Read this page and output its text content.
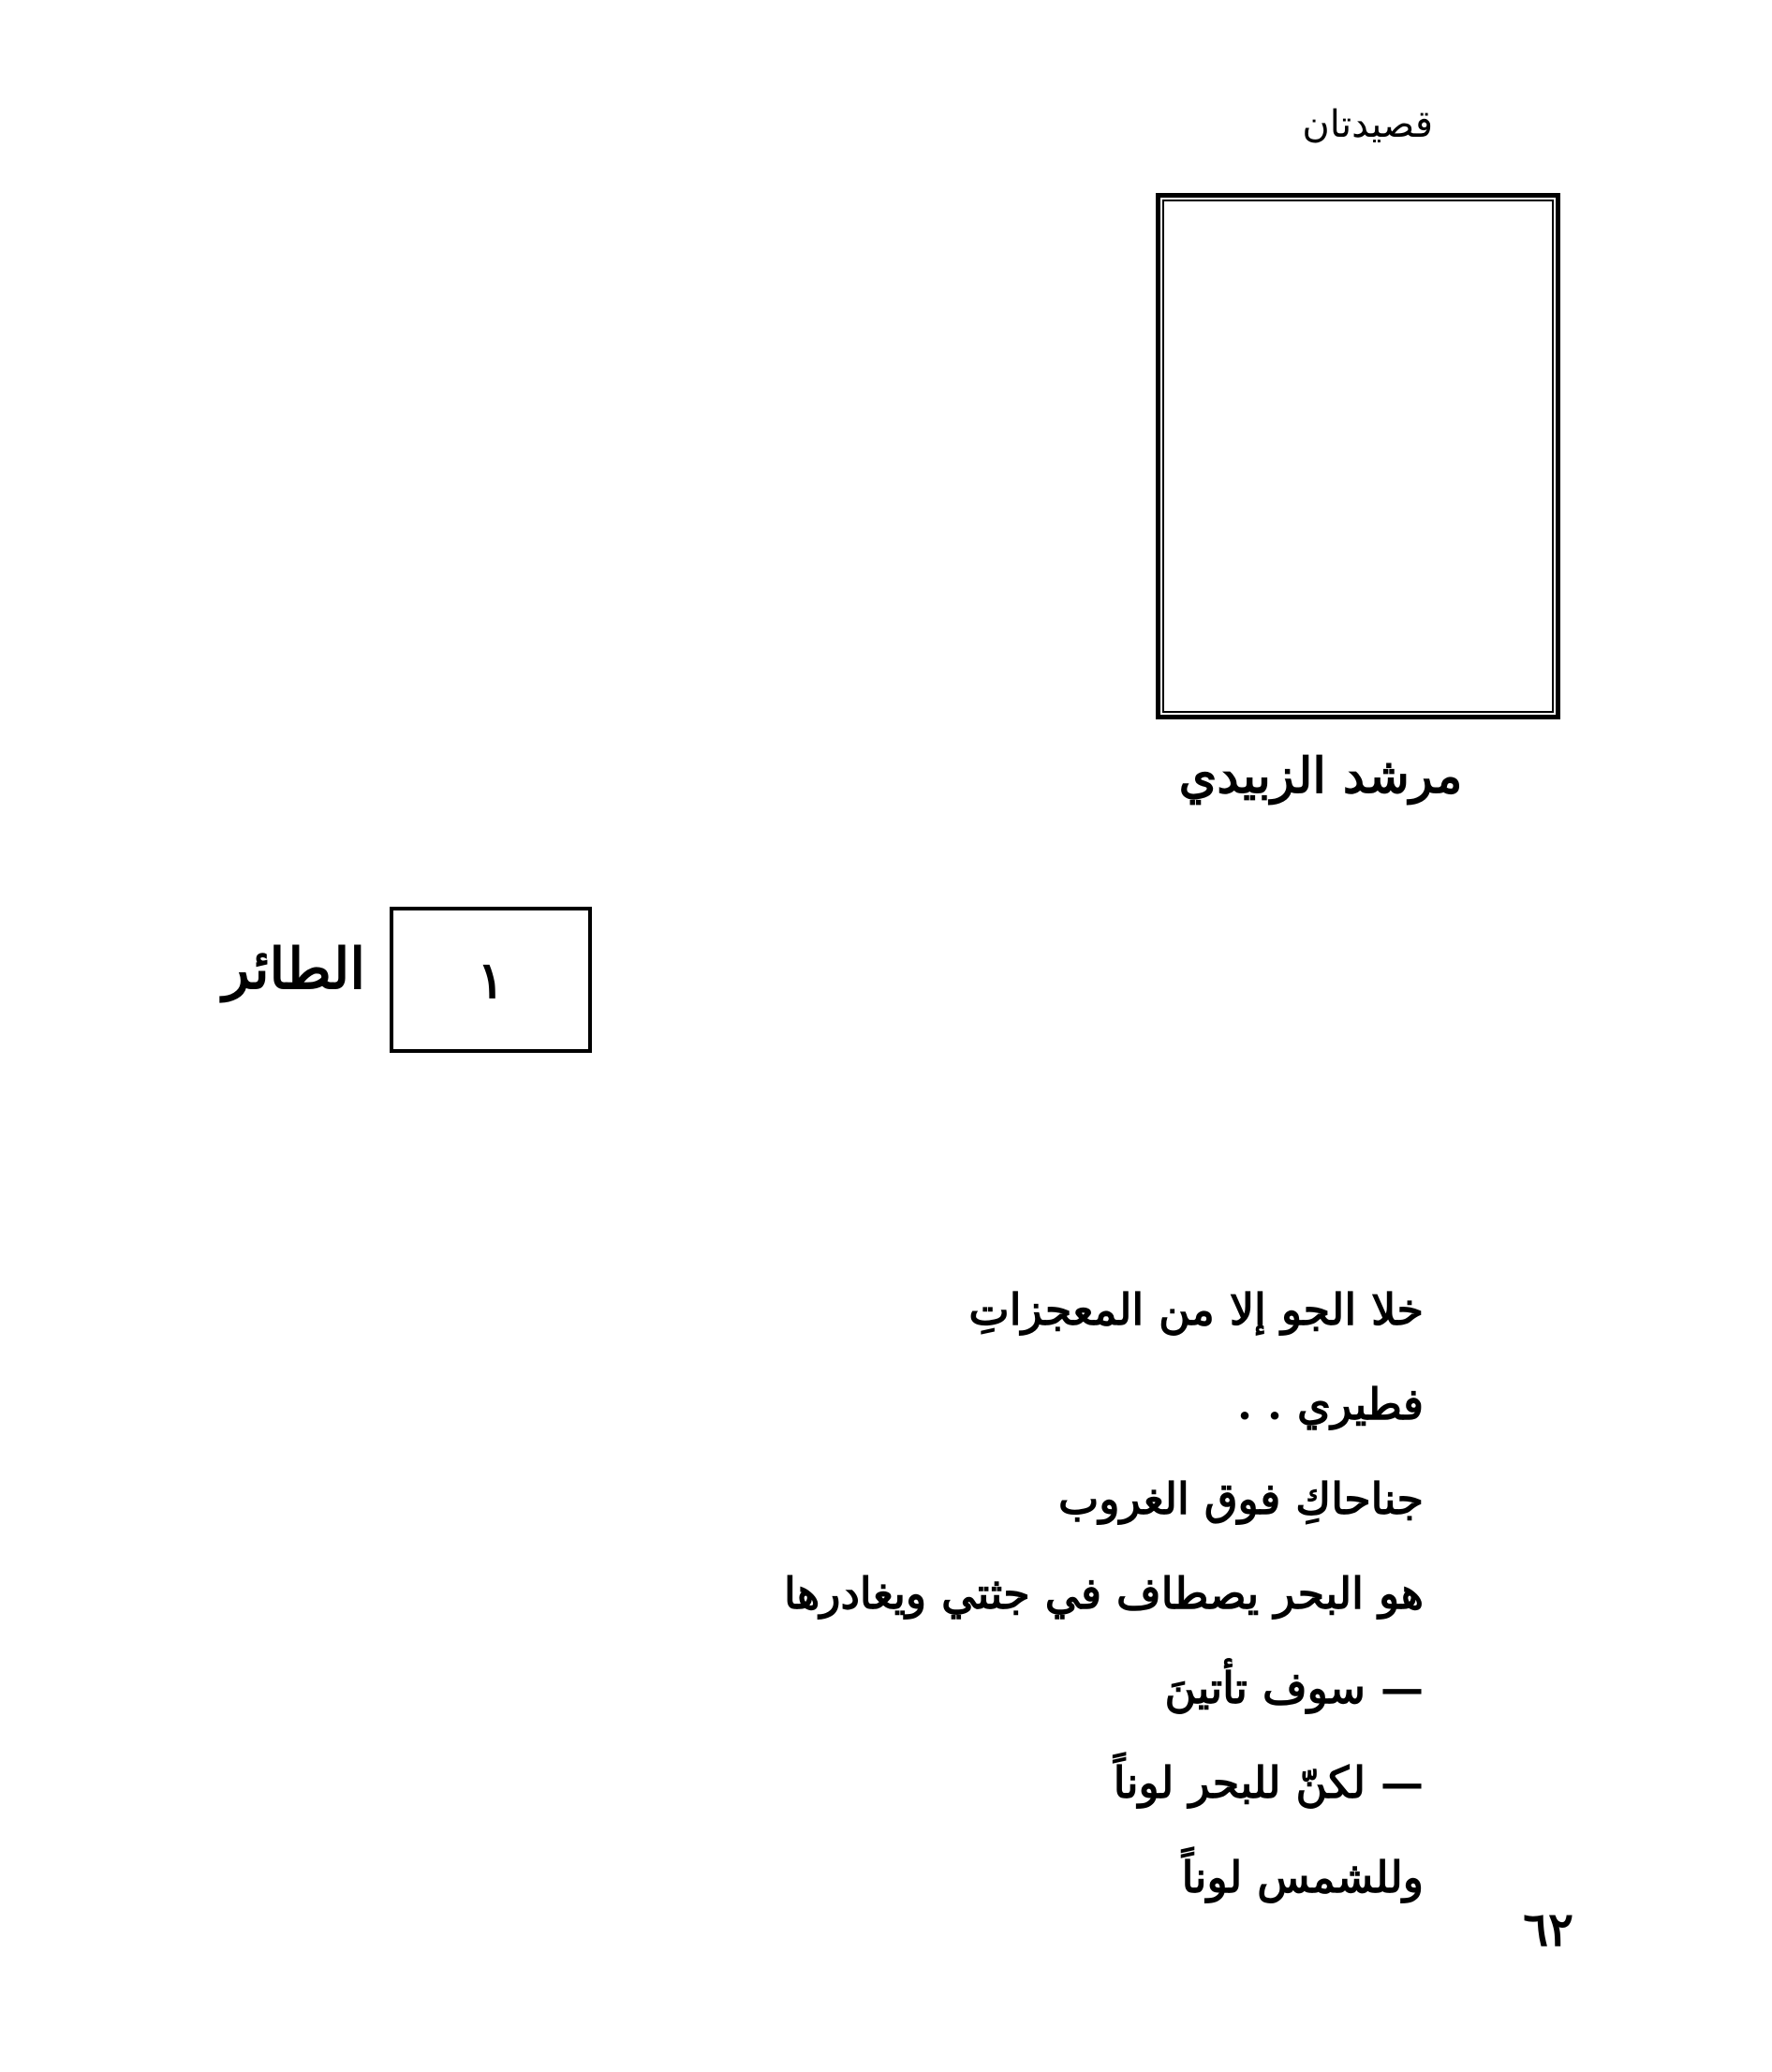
قصيدتان
مرشد الزبيدي
١
الطائر
خلا الجو إلا من المعجزاتِ
فطيري . .
جناحاكِ فوق الغروب
هو البحر يصطاف في جثتي ويغادرها
— سوف تأتينَ
— لكنّ للبحر لوناً
وللشمس لوناً
٦٢
